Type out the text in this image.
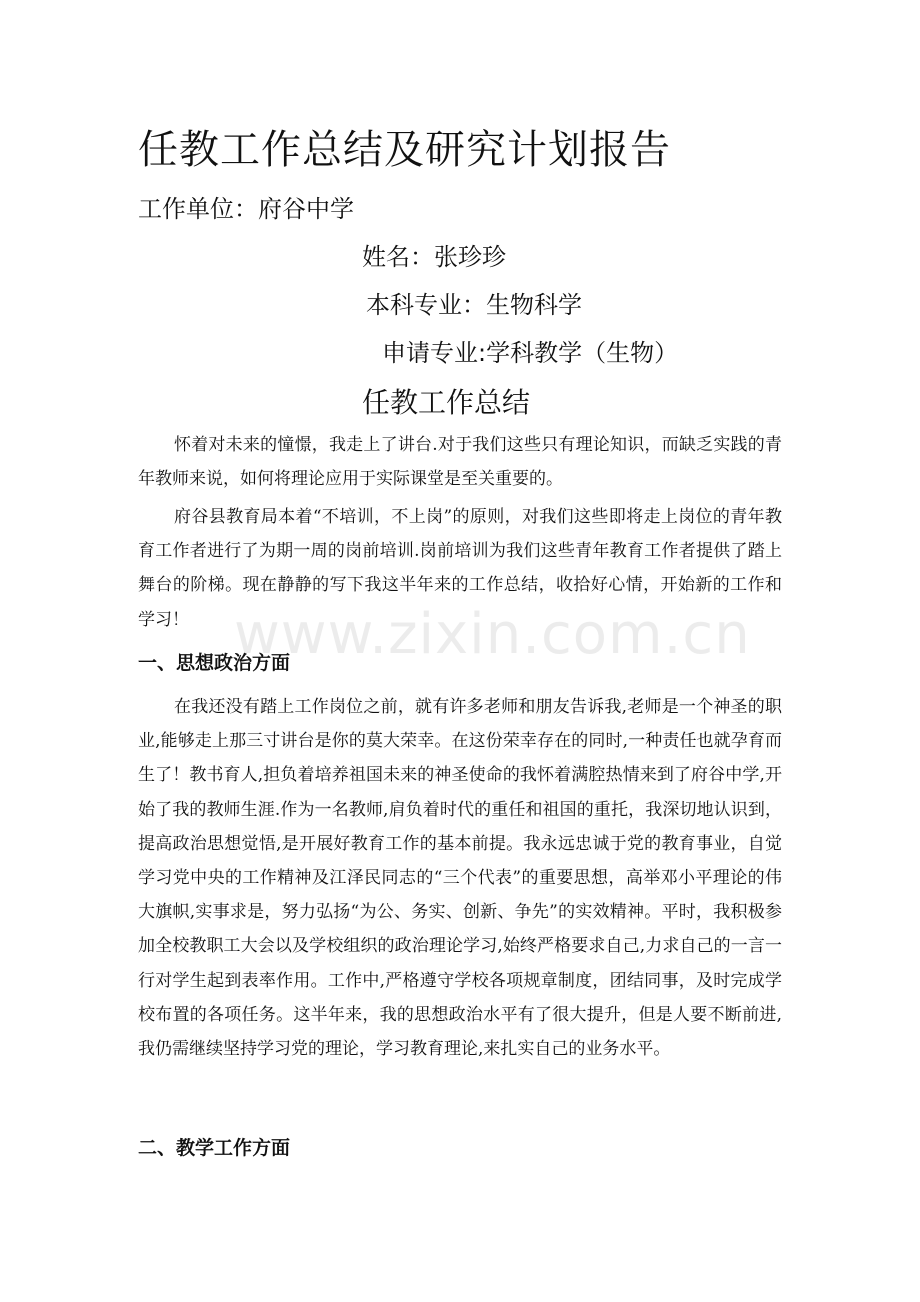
任教工作总结及研究计划报告
工作单位：府谷中学
姓名：张珍珍
本科专业：生物科学
申请专业:学科教学（生物）
任教工作总结

怀着对未来的憧憬，我走上了讲台.对于我们这些只有理论知识，而缺乏实践的青年教师来说，如何将理论应用于实际课堂是至关重要的。

府谷县教育局本着“不培训，不上岗”的原则，对我们这些即将走上岗位的青年教育工作者进行了为期一周的岗前培训.岗前培训为我们这些青年教育工作者提供了踏上舞台的阶梯。现在静静的写下我这半年来的工作总结，收拾好心情，开始新的工作和学习！

一、思想政治方面

在我还没有踏上工作岗位之前，就有许多老师和朋友告诉我,老师是一个神圣的职业,能够走上那三寸讲台是你的莫大荣幸。在这份荣幸存在的同时,一种责任也就孕育而生了！教书育人,担负着培养祖国未来的神圣使命的我怀着满腔热情来到了府谷中学,开始了我的教师生涯.作为一名教师,肩负着时代的重任和祖国的重托，我深切地认识到，提高政治思想觉悟,是开展好教育工作的基本前提。我永远忠诚于党的教育事业，自觉学习党中央的工作精神及江泽民同志的“三个代表”的重要思想，高举邓小平理论的伟大旗帜,实事求是，努力弘扬“为公、务实、创新、争先”的实效精神。平时，我积极参加全校教职工大会以及学校组织的政治理论学习,始终严格要求自己,力求自己的一言一行对学生起到表率作用。工作中,严格遵守学校各项规章制度，团结同事，及时完成学校布置的各项任务。这半年来，我的思想政治水平有了很大提升，但是人要不断前进,我仍需继续坚持学习党的理论，学习教育理论,来扎实自己的业务水平。

二、教学工作方面
www.zixin.com.cn
